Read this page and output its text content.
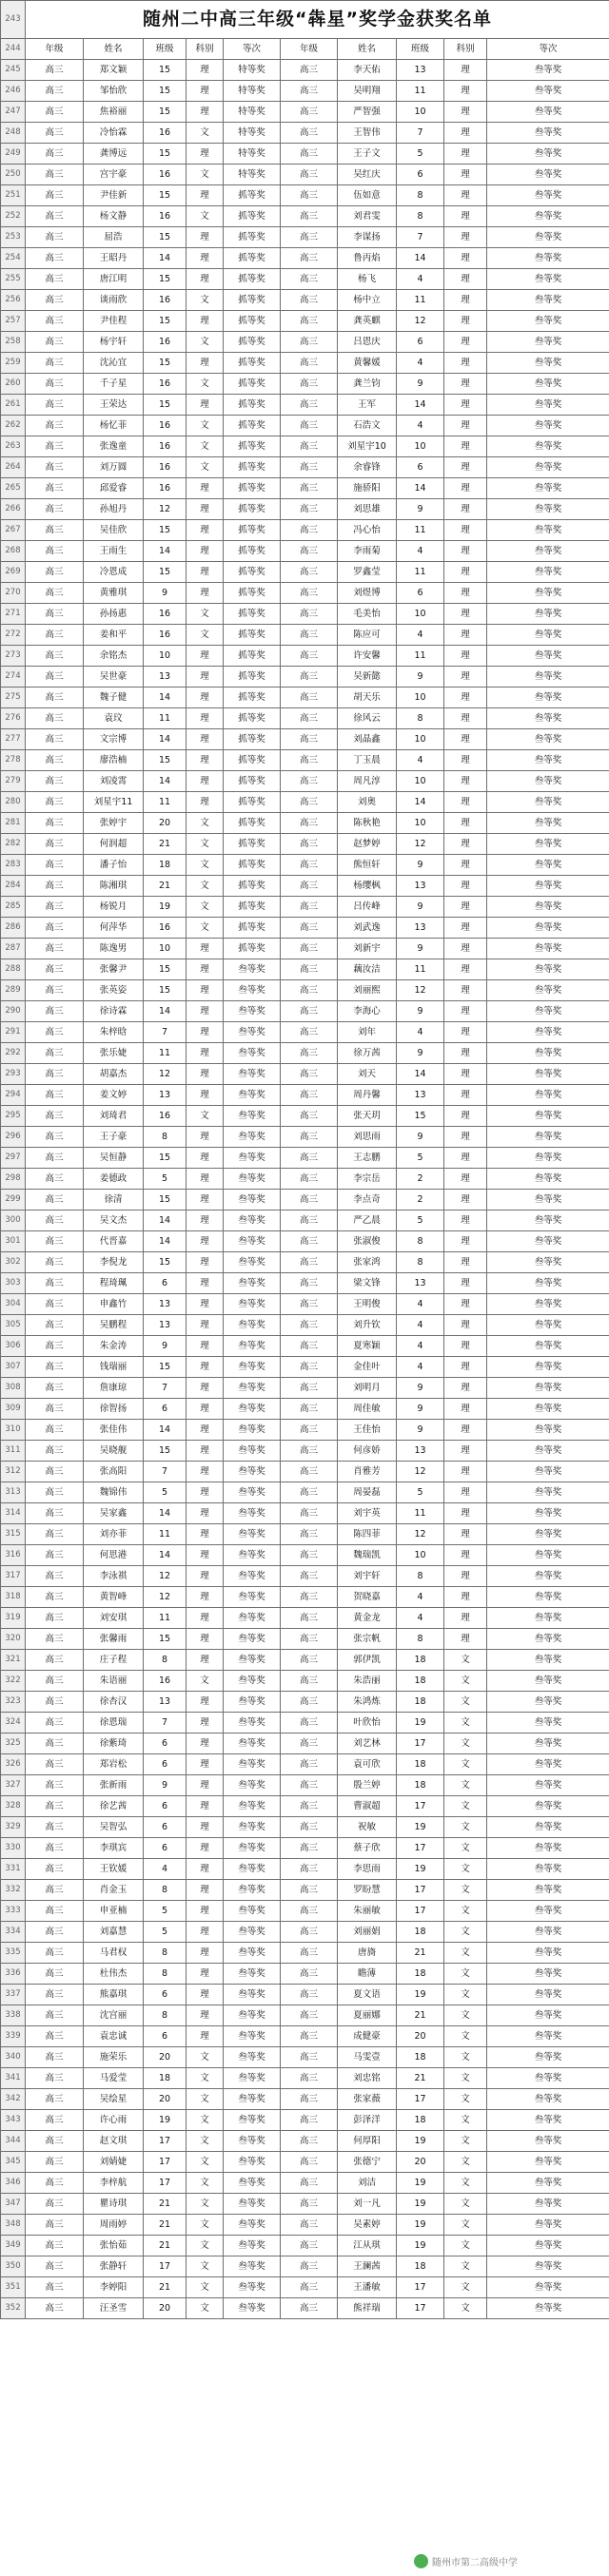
243	随州二中高三年级“犇星”奖学金获奖名单									
244	年级	姓名	班级	科别	等次	年级	姓名	班级	科别	等次
245	高三	郑文颖	15	理	特等奖	高三	李天佑	13	理	叁等奖
246	高三	邹怡欣	15	理	特等奖	高三	吴明翔	11	理	叁等奖
247	高三	焦裕丽	15	理	特等奖	高三	严智强	10	理	叁等奖
248	高三	冷怡霖	16	文	特等奖	高三	王智伟	7	理	叁等奖
249	高三	龚博远	15	理	特等奖	高三	王子文	5	理	叁等奖
250	高三	宫宇豪	16	文	特等奖	高三	吴红庆	6	理	叁等奖
251	高三	尹佳新	15	理	抓等奖	高三	伍如意	8	理	叁等奖
252	高三	杨文静	16	文	抓等奖	高三	刘君雯	8	理	叁等奖
253	高三	屈浩	15	理	抓等奖	高三	李谋扬	7	理	叁等奖
254	高三	王昭丹	14	理	抓等奖	高三	鲁丙焰	14	理	叁等奖
255	高三	唐江明	15	理	抓等奖	高三	杨飞	4	理	叁等奖
256	高三	谈雨欣	16	文	抓等奖	高三	杨中立	11	理	叁等奖
257	高三	尹佳程	15	理	抓等奖	高三	龚英麒	12	理	叁等奖
258	高三	杨宇轩	16	文	抓等奖	高三	吕恩庆	6	理	叁等奖
259	高三	沈沁宜	15	理	抓等奖	高三	黄馨媛	4	理	叁等奖
260	高三	千子星	16	文	抓等奖	高三	龚兰钧	9	理	叁等奖
261	高三	王荣达	15	理	抓等奖	高三	王军	14	理	叁等奖
262	高三	杨忆菲	16	文	抓等奖	高三	石浩文	4	理	叁等奖
263	高三	张逸童	16	文	抓等奖	高三	刘星宇10	10	理	叁等奖
264	高三	刘万圆	16	文	抓等奖	高三	余睿锋	6	理	叁等奖
265	高三	邱爱睿	16	理	抓等奖	高三	施骄阳	14	理	叁等奖
266	高三	孙旭丹	12	理	抓等奖	高三	刘思雄	9	理	叁等奖
267	高三	吴佳欣	15	理	抓等奖	高三	冯心怡	11	理	叁等奖
268	高三	王雨生	14	理	抓等奖	高三	李雨菊	4	理	叁等奖
269	高三	冷恩成	15	理	抓等奖	高三	罗鑫莹	11	理	叁等奖
270	高三	黄雅琪	9	理	抓等奖	高三	刘煜博	6	理	叁等奖
271	高三	孙扬惠	16	文	抓等奖	高三	毛美怡	10	理	叁等奖
272	高三	姜和平	16	文	抓等奖	高三	陈应可	4	理	叁等奖
273	高三	余铭杰	10	理	抓等奖	高三	许安馨	11	理	叁等奖
274	高三	吴世豪	13	理	抓等奖	高三	吴新懿	9	理	叁等奖
275	高三	魏子健	14	理	抓等奖	高三	胡天乐	10	理	叁等奖
276	高三	袁玟	11	理	抓等奖	高三	徐风云	8	理	叁等奖
277	高三	文宗博	14	理	抓等奖	高三	刘晶鑫	10	理	叁等奖
278	高三	廖浩楠	15	理	抓等奖	高三	丁玉晨	4	理	叁等奖
279	高三	刘凌霄	14	理	抓等奖	高三	周凡淳	10	理	叁等奖
280	高三	刘星宇11	11	理	抓等奖	高三	刘奥	14	理	叁等奖
281	高三	张婷宇	20	文	抓等奖	高三	陈秋艳	10	理	叁等奖
282	高三	何润超	21	文	抓等奖	高三	赵梦婷	12	理	叁等奖
283	高三	潘子怡	18	文	抓等奖	高三	熊恒轩	9	理	叁等奖
284	高三	陈湘琪	21	文	抓等奖	高三	杨缨枫	13	理	叁等奖
285	高三	杨锐月	19	文	抓等奖	高三	吕传峰	9	理	叁等奖
286	高三	何萍华	16	文	抓等奖	高三	刘武逸	13	理	叁等奖
287	高三	陈逸男	10	理	抓等奖	高三	刘新宇	9	理	叁等奖
288	高三	张馨尹	15	理	叁等奖	高三	藕汝洁	11	理	叁等奖
289	高三	张英姿	15	理	叁等奖	高三	刘丽熙	12	理	叁等奖
290	高三	徐诗霖	14	理	叁等奖	高三	李海心	9	理	叁等奖
291	高三	朱梓晗	7	理	叁等奖	高三	刘年	4	理	叁等奖
292	高三	张乐婕	11	理	叁等奖	高三	徐万茜	9	理	叁等奖
293	高三	胡嘉杰	12	理	叁等奖	高三	刘天	14	理	叁等奖
294	高三	姜文婷	13	理	叁等奖	高三	周丹馨	13	理	叁等奖
295	高三	刘琦君	16	文	叁等奖	高三	张天玥	15	理	叁等奖
296	高三	王子豪	8	理	叁等奖	高三	刘思雨	9	理	叁等奖
297	高三	吴恒静	15	理	叁等奖	高三	王志鹏	5	理	叁等奖
298	高三	姜德政	5	理	叁等奖	高三	李宗岳	2	理	叁等奖
299	高三	徐清	15	理	叁等奖	高三	李点奇	2	理	叁等奖
300	高三	吴文杰	14	理	叁等奖	高三	严乙晨	5	理	叁等奖
301	高三	代晋嘉	14	理	叁等奖	高三	张淑俊	8	理	叁等奖
302	高三	李倪龙	15	理	叁等奖	高三	张家鸿	8	理	叁等奖
303	高三	程琦珮	6	理	叁等奖	高三	梁文锋	13	理	叁等奖
304	高三	申鑫竹	13	理	叁等奖	高三	王明俊	4	理	叁等奖
305	高三	吴鹏程	13	理	叁等奖	高三	刘升钦	4	理	叁等奖
306	高三	朱金涛	9	理	叁等奖	高三	夏寒颖	4	理	叁等奖
307	高三	钱瑞丽	15	理	叁等奖	高三	金佳叶	4	理	叁等奖
308	高三	詹康琼	7	理	叁等奖	高三	刘明月	9	理	叁等奖
309	高三	徐智扬	6	理	叁等奖	高三	周佳敏	9	理	叁等奖
310	高三	张佳伟	14	理	叁等奖	高三	王佳怡	9	理	叁等奖
311	高三	吴晓舰	15	理	叁等奖	高三	何彦娇	13	理	叁等奖
312	高三	张高阳	7	理	叁等奖	高三	肖雅芳	12	理	叁等奖
313	高三	魏锦伟	5	理	叁等奖	高三	周晏磊	5	理	叁等奖
314	高三	吴家鑫	14	理	叁等奖	高三	刘宇英	11	理	叁等奖
315	高三	刘亦菲	11	理	叁等奖	高三	陈四菲	12	理	叁等奖
316	高三	何思港	14	理	叁等奖	高三	魏瑞凯	10	理	叁等奖
317	高三	李泳祺	12	理	叁等奖	高三	刘宇轩	8	理	叁等奖
318	高三	黄智峰	12	理	叁等奖	高三	贺晓嘉	4	理	叁等奖
319	高三	刘安琪	11	理	叁等奖	高三	黄金龙	4	理	叁等奖
320	高三	张馨雨	15	理	叁等奖	高三	张宗帆	8	理	叁等奖
321	高三	庄子程	8	理	叁等奖	高三	郭伊凯	18	文	叁等奖
322	高三	朱语丽	16	文	叁等奖	高三	朱浩丽	18	文	叁等奖
323	高三	徐杏汉	13	理	叁等奖	高三	朱鸿炼	18	文	叁等奖
324	高三	徐恩瑞	7	理	叁等奖	高三	叶欣怡	19	文	叁等奖
325	高三	徐紫琦	6	理	叁等奖	高三	刘艺林	17	文	叁等奖
326	高三	郑岩松	6	理	叁等奖	高三	袁可欣	18	文	叁等奖
327	高三	张新雨	9	理	叁等奖	高三	殷兰婷	18	文	叁等奖
328	高三	徐艺茜	6	理	叁等奖	高三	曹淑超	17	文	叁等奖
329	高三	吴智弘	6	理	叁等奖	高三	祝敏	19	文	叁等奖
330	高三	李琪宾	6	理	叁等奖	高三	蔡子欣	17	文	叁等奖
331	高三	王钦媛	4	理	叁等奖	高三	李思雨	19	文	叁等奖
332	高三	肖金玉	8	理	叁等奖	高三	罗盼慧	17	文	叁等奖
333	高三	申亚楠	5	理	叁等奖	高三	朱丽敏	17	文	叁等奖
334	高三	刘嘉慧	5	理	叁等奖	高三	刘丽娟	18	文	叁等奖
335	高三	马君权	8	理	叁等奖	高三	唐旖	21	文	叁等奖
336	高三	杜伟杰	8	理	叁等奖	高三	瞻薄	18	文	叁等奖
337	高三	熊嘉琪	6	理	叁等奖	高三	夏文语	19	文	叁等奖
338	高三	沈宫丽	8	理	叁等奖	高三	夏丽娜	21	文	叁等奖
339	高三	袁忠诚	6	理	叁等奖	高三	成健豪	20	文	叁等奖
340	高三	施荣乐	20	文	叁等奖	高三	马雯壹	18	文	叁等奖
341	高三	马爱莹	18	文	叁等奖	高三	刘忠铭	21	文	叁等奖
342	高三	吴绘星	20	文	叁等奖	高三	张家薇	17	文	叁等奖
343	高三	许心雨	19	文	叁等奖	高三	彭泽洋	18	文	叁等奖
344	高三	赵文琪	17	文	叁等奖	高三	何厚阳	19	文	叁等奖
345	高三	刘婧婕	17	文	叁等奖	高三	张德宁	20	文	叁等奖
346	高三	李梓航	17	文	叁等奖	高三	刘洁	19	文	叁等奖
347	高三	瞿诗琪	21	文	叁等奖	高三	刘一凡	19	文	叁等奖
348	高三	周雨婷	21	文	叁等奖	高三	吴素婷	19	文	叁等奖
349	高三	张怡茹	21	文	叁等奖	高三	江从琪	19	文	叁等奖
350	高三	张静轩	17	文	叁等奖	高三	王澜茜	18	文	叁等奖
351	高三	李婷阳	21	文	叁等奖	高三	王潘敏	17	文	叁等奖
352	高三	汪圣雪	20	文	叁等奖	高三	熊祥瑞	17	文	叁等奖
随州市第二高级中学
